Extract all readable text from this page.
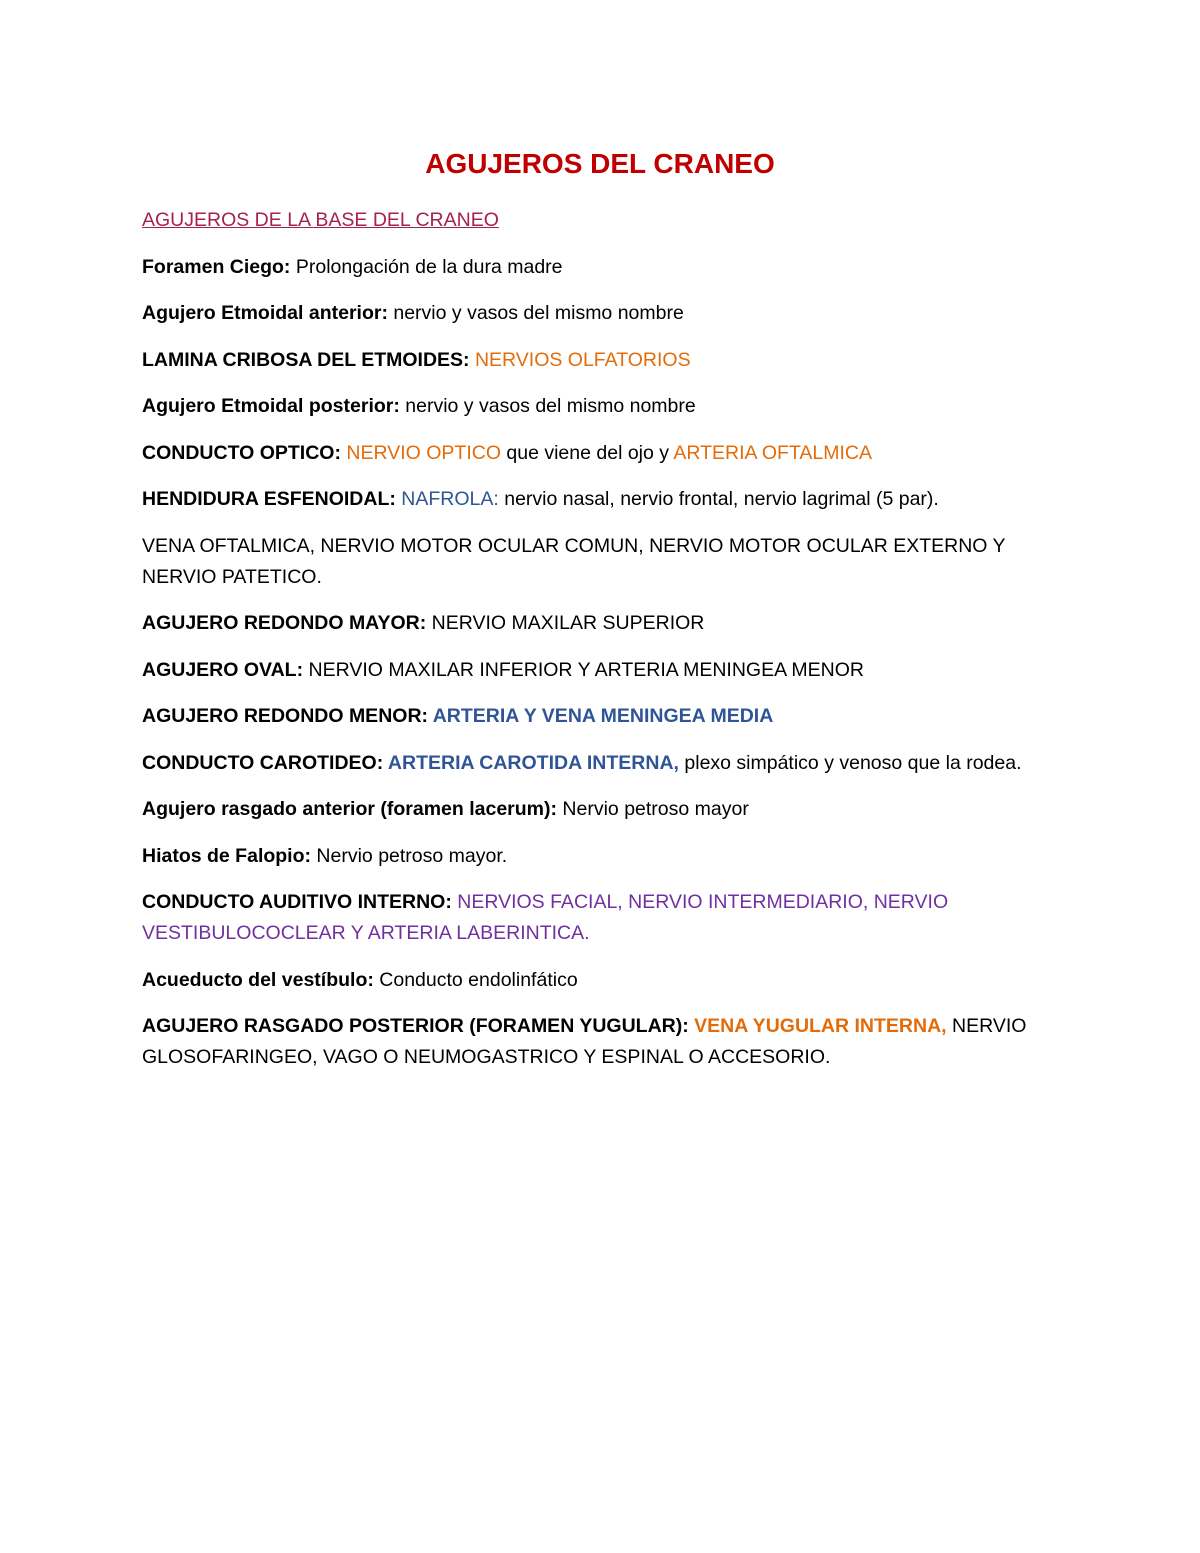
AGUJEROS DEL CRANEO

AGUJEROS DE LA BASE DEL CRANEO

Foramen Ciego: Prolongación de la dura madre

Agujero Etmoidal anterior: nervio y vasos del mismo nombre

LAMINA CRIBOSA DEL ETMOIDES: NERVIOS OLFATORIOS

Agujero Etmoidal posterior: nervio y vasos del mismo nombre

CONDUCTO OPTICO: NERVIO OPTICO que viene del ojo y ARTERIA OFTALMICA

HENDIDURA ESFENOIDAL: NAFROLA: nervio nasal, nervio frontal, nervio lagrimal (5 par).

VENA OFTALMICA, NERVIO MOTOR OCULAR COMUN, NERVIO MOTOR OCULAR EXTERNO Y NERVIO PATETICO.

AGUJERO REDONDO MAYOR: NERVIO MAXILAR SUPERIOR

AGUJERO OVAL: NERVIO MAXILAR INFERIOR Y ARTERIA MENINGEA MENOR

AGUJERO REDONDO MENOR: ARTERIA Y VENA MENINGEA MEDIA

CONDUCTO CAROTIDEO: ARTERIA CAROTIDA INTERNA, plexo simpático y venoso que la rodea.

Agujero rasgado anterior (foramen lacerum): Nervio petroso mayor

Hiatos de Falopio: Nervio petroso mayor.

CONDUCTO AUDITIVO INTERNO: NERVIOS FACIAL, NERVIO INTERMEDIARIO, NERVIO VESTIBULOCOCLEAR Y ARTERIA LABERINTICA.

Acueducto del vestíbulo: Conducto endolinfático

AGUJERO RASGADO POSTERIOR (FORAMEN YUGULAR): VENA YUGULAR INTERNA, NERVIO GLOSOFARINGEO, VAGO O NEUMOGASTRICO Y ESPINAL O ACCESORIO.
